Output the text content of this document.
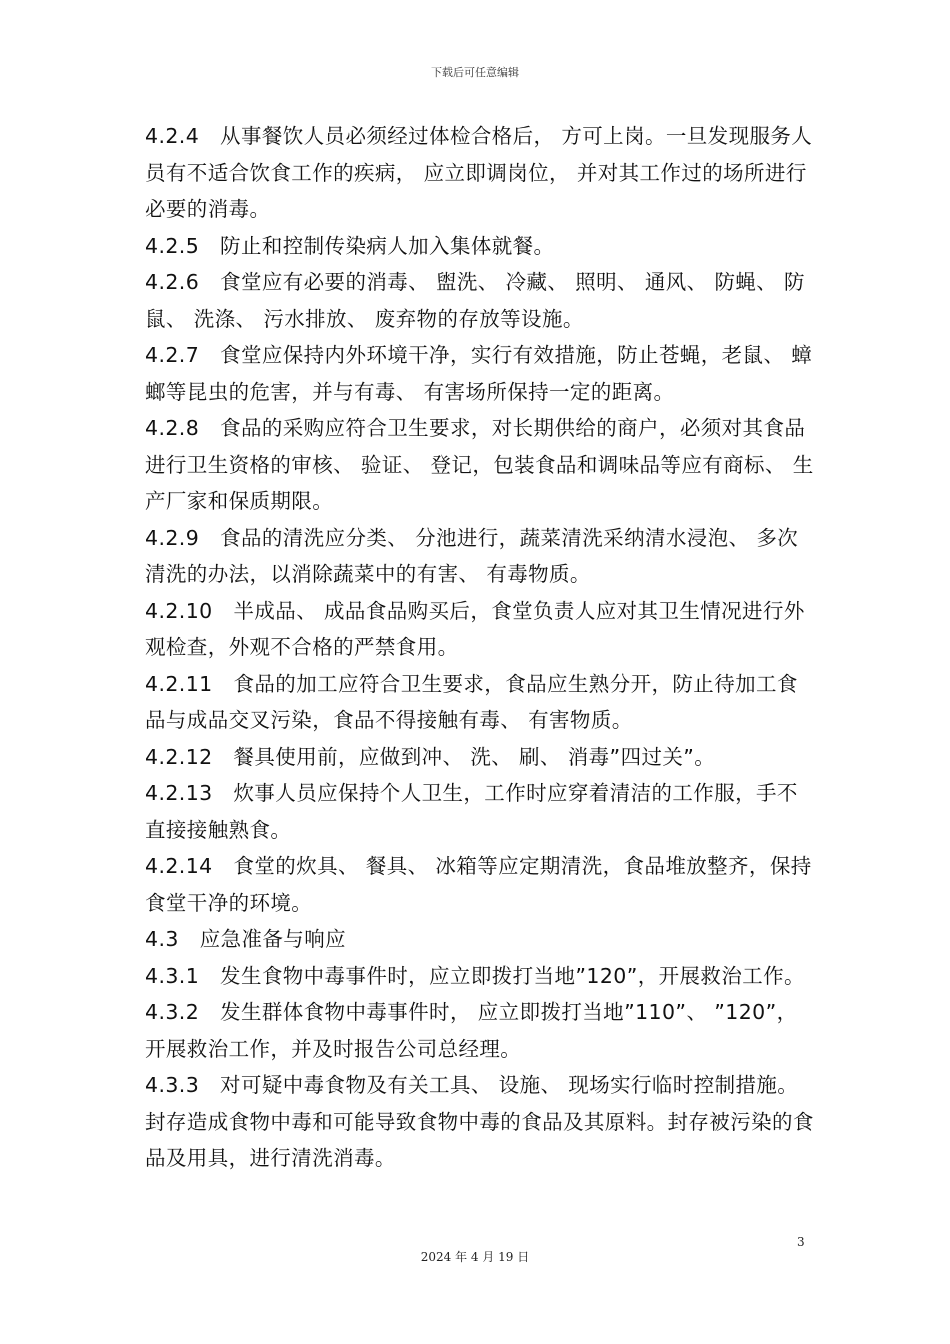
下载后可任意编辑

4.2.4　从事餐饮人员必须经过体检合格后， 方可上岗。一旦发现服务人员有不适合饮食工作的疾病， 应立即调岗位， 并对其工作过的场所进行必要的消毒。

4.2.5　防止和控制传染病人加入集体就餐。

4.2.6　食堂应有必要的消毒、 盥洗、 冷藏、 照明、 通风、 防蝇、 防鼠、 洗涤、 污水排放、 废弃物的存放等设施。

4.2.7　食堂应保持内外环境干净，实行有效措施，防止苍蝇，老鼠、 蟑螂等昆虫的危害，并与有毒、 有害场所保持一定的距离。

4.2.8　食品的采购应符合卫生要求，对长期供给的商户，必须对其食品进行卫生资格的审核、 验证、 登记，包装食品和调味品等应有商标、 生产厂家和保质期限。

4.2.9　食品的清洗应分类、 分池进行，蔬菜清洗采纳清水浸泡、 多次清洗的办法，以消除蔬菜中的有害、 有毒物质。

4.2.10　半成品、 成品食品购买后，食堂负责人应对其卫生情况进行外观检查，外观不合格的严禁食用。

4.2.11　食品的加工应符合卫生要求，食品应生熟分开，防止待加工食品与成品交叉污染，食品不得接触有毒、 有害物质。

4.2.12　餐具使用前，应做到冲、 洗、 刷、 消毒”四过关”。

4.2.13　炊事人员应保持个人卫生，工作时应穿着清洁的工作服，手不直接接触熟食。

4.2.14　食堂的炊具、 餐具、 冰箱等应定期清洗，食品堆放整齐，保持食堂干净的环境。

4.3　应急准备与响应

4.3.1　发生食物中毒事件时，应立即拨打当地”120”，开展救治工作。

4.3.2　发生群体食物中毒事件时， 应立即拨打当地”110”、 ”120”， 开展救治工作，并及时报告公司总经理。

4.3.3　对可疑中毒食物及有关工具、 设施、 现场实行临时控制措施。封存造成食物中毒和可能导致食物中毒的食品及其原料。封存被污染的食品及用具，进行清洗消毒。

3
2024 年 4 月 19 日
